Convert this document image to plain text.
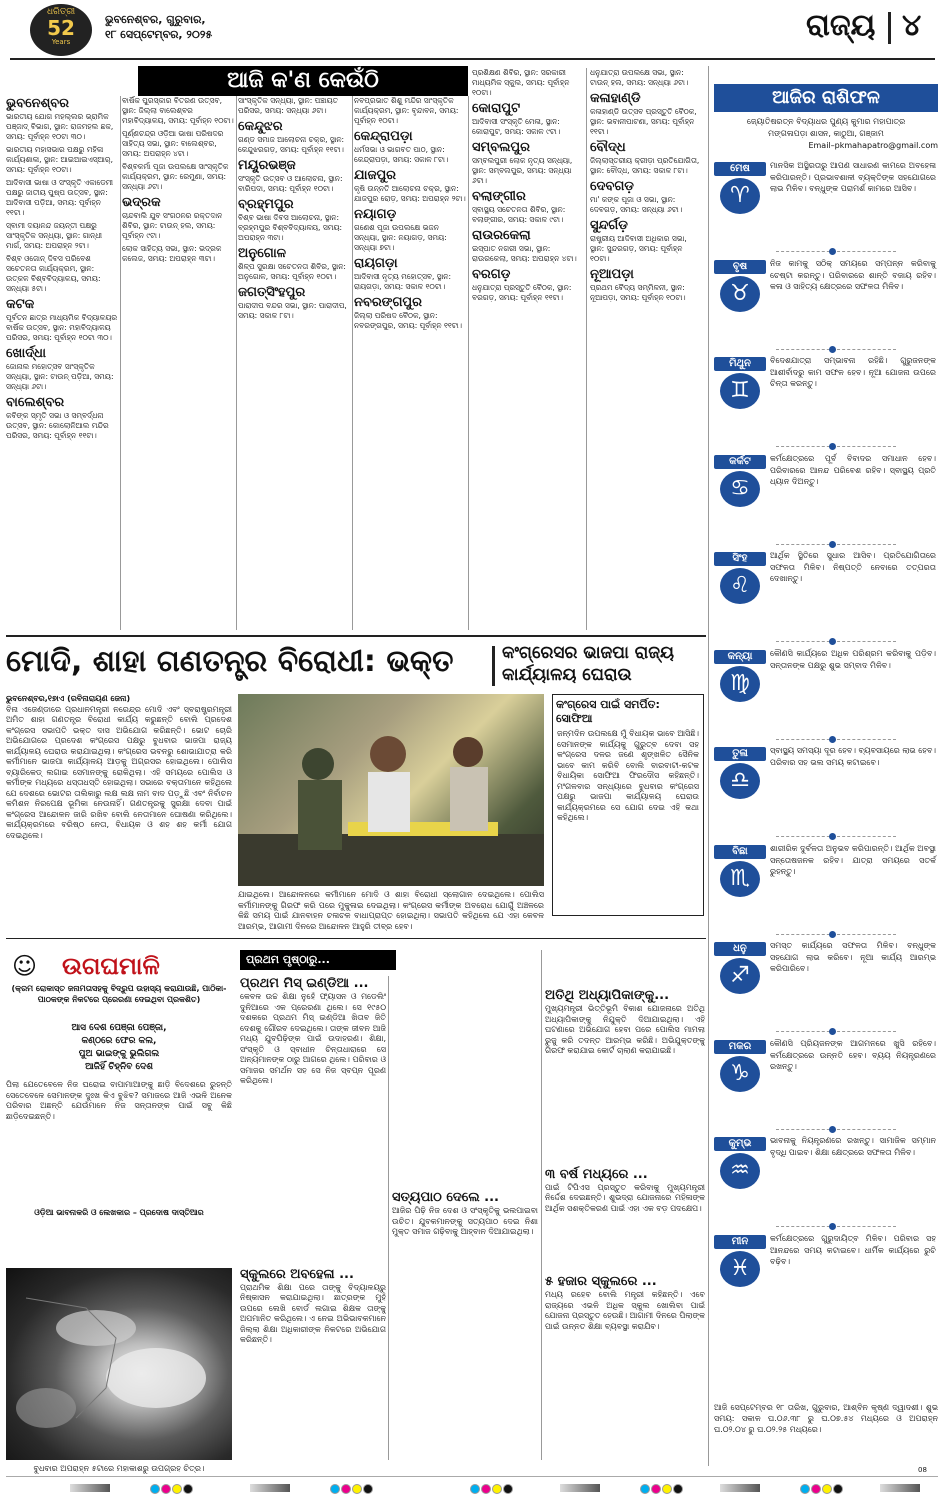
ଧରିତ୍ରୀ
52
Years
ଭୁବନେଶ୍ବର, ଗୁରୁବାର,
୧୮ ସେପ୍ଟେମ୍ବର, ୨୦୨୫	ରାଜ୍ୟ ୪
ଆଜି କ'ଣ କେଉଁଠି
ଭୁବନେଶ୍ବର
ଭାରତୀୟ ଯୋଗ ମହଲ୍ଲର ଭ୍ରାମିକ ପଞ୍ଜାଦ୍ ବିଭାଗ, ସ୍ଥାନ: ରାଜମହଲ ଛକ, ସମୟ: ପୂର୍ବାହ୍ନ ୧୦ଟା ୩୦।
ଭାରତୀୟ ମହାସଭାର ପକ୍ଷରୁ ମହିଳା କାର୍ଯ୍ୟଶାଳା, ସ୍ଥାନ: ଆଇଆଇଏସ୍ଆର୍, ସମୟ: ପୂର୍ବାହ୍ନ ୧୦ଟା।
ଆଦିବାସୀ ଭାଷା ଓ ସଂସ୍କୃତି ଏକାଡେମୀ ପକ୍ଷରୁ ଜାତୀୟ ପୁଷ୍ପ ଉତ୍ସବ, ସ୍ଥାନ: ଆଦିବାସୀ ପଡ଼ିଆ, ସମୟ: ପୂର୍ବାହ୍ନ ୧୧ଟା।
ସ୍ବାମୀ ଦୟାନନ୍ଦ ଜୟନ୍ତୀ ପକ୍ଷରୁ ସାଂସ୍କୃତିକ ସନ୍ଧ୍ୟା, ସ୍ଥାନ: ଗାନ୍ଧୀ ମାର୍ଗ, ସମୟ: ଅପରାହ୍ନ ୨ଟା।
ବିଶ୍ବ ଓଜୋନ୍ ଦିବସ ପରିବେଶ ସଚେତନତା କାର୍ଯ୍ୟକ୍ରମ, ସ୍ଥାନ: ଉତ୍କଳ ବିଶ୍ବବିଦ୍ୟାଳୟ, ସମୟ: ସନ୍ଧ୍ୟା ୫ଟା।
କଟକ
ପୂର୍ବତନ ଛାତ୍ର ମାଧ୍ୟମିକ ବିଦ୍ୟାଳୟର ବାର୍ଷିକ ଉତ୍ସବ, ସ୍ଥାନ: ମହାବିଦ୍ୟାଳୟ ପରିସର, ସମୟ: ପୂର୍ବାହ୍ନ ୧୦ଟା ୩୦।
ଖୋର୍ଦ୍ଧା
ଜୋନାଲ ମହୋତ୍ସବ ସାଂସ୍କୃତିକ ସନ୍ଧ୍ୟା, ସ୍ଥାନ: ଟାଉନ୍ ପଡ଼ିଆ, ସମୟ: ସନ୍ଧ୍ୟା ୬ଟା।
ବାଲେଶ୍ବର
କବିଙ୍କ ସ୍ମୃତି ସଭା ଓ ସମ୍ବର୍ଦ୍ଧନା ଉତ୍ସବ, ସ୍ଥାନ: କୋଲୋନିଆଲ ମନ୍ଦିର ପରିସର, ସମୟ: ପୂର୍ବାହ୍ନ ୧୧ଟା।
ବାର୍ଷିକ ପୁରସ୍କାର ବିତରଣ ଉତ୍ସବ, ସ୍ଥାନ: ଜିଲ୍ଲା ବାଲେଶ୍ବର ମହାବିଦ୍ୟାଳୟ, ସମୟ: ପୂର୍ବାହ୍ନ ୧୦ଟା।
ପୂର୍ଣ୍ଣଚନ୍ଦ୍ର ଓଡ଼ିଆ ଭାଷା ପରିଷଦର ସାହିତ୍ୟ ସଭା, ସ୍ଥାନ: ବାଲେଶ୍ବର, ସମୟ: ଅପରାହ୍ନ ୪ଟା।
ବିଶ୍ବକର୍ମା ପୂଜା ଉପଲକ୍ଷେ ସାଂସ୍କୃତିକ କାର୍ଯ୍ୟକ୍ରମ, ସ୍ଥାନ: ରେମୁଣା, ସମୟ: ସନ୍ଧ୍ୟା ୬ଟା।
ଭଦ୍ରକ
ଚାନ୍ଦବାଲି ଯୁବ ସଂଗଠନର ରକ୍ତଦାନ ଶିବିର, ସ୍ଥାନ: ଟାଉନ୍ ହଲ, ସମୟ: ପୂର୍ବାହ୍ନ ୯ଟା।
ଲୋକ ସାହିତ୍ୟ ସଭା, ସ୍ଥାନ: ଭଦ୍ରକ କଲେଜ, ସମୟ: ଅପରାହ୍ନ ୩ଟା।
ସାଂସ୍କୃତିକ ସନ୍ଧ୍ୟା, ସ୍ଥାନ: ପଞ୍ଚାୟତ ପରିସର, ସମୟ: ସନ୍ଧ୍ୟା ୬ଟା।
କେନ୍ଦୁଝର
ଗଣ୍ଡ ସମାଜ ଆଲୋଚନା ଚକ୍ର, ସ୍ଥାନ: କେନ୍ଦୁଝରଗଡ଼, ସମୟ: ପୂର୍ବାହ୍ନ ୧୧ଟା।
ମୟୂରଭଞ୍ଜ
ସଂସ୍କୃତି ଉତ୍ସବ ଓ ଆଲୋଚନା, ସ୍ଥାନ: ବାରିପଦା, ସମୟ: ପୂର୍ବାହ୍ନ ୧୦ଟା।
ବ୍ରହ୍ମପୁର
ବିଶ୍ବ ଭାଷା ଦିବସ ଆଲୋଚନା, ସ୍ଥାନ: ବ୍ରହ୍ମପୁର ବିଶ୍ବବିଦ୍ୟାଳୟ, ସମୟ: ଅପରାହ୍ନ ୩ଟା।
ଅନୁଗୋଳ
ଶିଳ୍ପ ସୁରକ୍ଷା ସଚେତନତା ଶିବିର, ସ୍ଥାନ: ଅନୁଗୋଳ, ସମୟ: ପୂର୍ବାହ୍ନ ୧୦ଟା।
ଜଗତ୍‌ସିଂହପୁର
ପାରାଦୀପ ବନ୍ଦର ସଭା, ସ୍ଥାନ: ପାରାଦୀପ, ସମୟ: ସକାଳ ୮ଟା।
ନବପ୍ରଭାତ ଶିଶୁ ମନ୍ଦିର ସାଂସ୍କୃତିକ କାର୍ଯ୍ୟକ୍ରମ, ସ୍ଥାନ: ବୃନ୍ଦାବନ, ସମୟ: ପୂର୍ବାହ୍ନ ୧୦ଟା।
କେନ୍ଦ୍ରାପଡ଼ା
ଧର୍ମସଭା ଓ ଭାଗବତ ପାଠ, ସ୍ଥାନ: କେନ୍ଦ୍ରାପଡ଼ା, ସମୟ: ସକାଳ ୮ଟା।
ଯାଜପୁର
କୃଷି ଉନ୍ନତି ଆଲୋଚନା ଚକ୍ର, ସ୍ଥାନ: ଯାଜପୁର ରୋଡ଼, ସମୟ: ଅପରାହ୍ନ ୨ଟା।
ନୟାଗଡ଼
ଗଣେଶ ପୂଜା ଉପଲକ୍ଷେ ଭଜନ ସନ୍ଧ୍ୟା, ସ୍ଥାନ: ନୟାଗଡ଼, ସମୟ: ସନ୍ଧ୍ୟା ୭ଟା।
ରାୟଗଡ଼ା
ଆଦିବାସୀ ନୃତ୍ୟ ମହୋତ୍ସବ, ସ୍ଥାନ: ରାୟଗଡ଼ା, ସମୟ: ସକାଳ ୧୦ଟା।
ନବରଙ୍ଗପୁର
ଜିଲ୍ଲା ପରିଷଦ ବୈଠକ, ସ୍ଥାନ: ନବରଙ୍ଗପୁର, ସମୟ: ପୂର୍ବାହ୍ନ ୧୧ଟା।
ପ୍ରଶିକ୍ଷଣ ଶିବିର, ସ୍ଥାନ: ସରକାରୀ ମାଧ୍ୟମିକ ସ୍କୁଲ, ସମୟ: ପୂର୍ବାହ୍ନ ୧୦ଟା।
କୋରାପୁଟ
ଆଦିବାସୀ ସଂସ୍କୃତି ମେଳା, ସ୍ଥାନ: କୋରାପୁଟ, ସମୟ: ସକାଳ ୯ଟା।
ସମ୍ବଲପୁର
ସମ୍ବଲପୁରୀ ଲୋକ ନୃତ୍ୟ ସନ୍ଧ୍ୟା, ସ୍ଥାନ: ସମ୍ବଲପୁର, ସମୟ: ସନ୍ଧ୍ୟା ୬ଟା।
ବଲାଙ୍ଗୀର
ସ୍ବାସ୍ଥ୍ୟ ସଚେତନତା ଶିବିର, ସ୍ଥାନ: ବଲାଙ୍ଗୀର, ସମୟ: ସକାଳ ୯ଟା।
ରାଉରକେଲା
ଇସ୍ପାତ ନଗରୀ ସଭା, ସ୍ଥାନ: ରାଉରକେଲା, ସମୟ: ଅପରାହ୍ନ ୪ଟା।
ବରଗଡ଼
ଧନୁଯାତ୍ରା ପ୍ରସ୍ତୁତି ବୈଠକ, ସ୍ଥାନ: ବରଗଡ଼, ସମୟ: ପୂର୍ବାହ୍ନ ୧୧ଟା।
ଧନୁଯାତ୍ରା ଉପଲକ୍ଷେ ସଭା, ସ୍ଥାନ: ଟାଉନ୍ ହଲ, ସମୟ: ସନ୍ଧ୍ୟା ୬ଟା।
କଳାହାଣ୍ଡି
କଳାହାଣ୍ଡି ଉତ୍ସବ ପ୍ରସ୍ତୁତି ବୈଠକ, ସ୍ଥାନ: ଭବାନୀପାଟଣା, ସମୟ: ପୂର୍ବାହ୍ନ ୧୧ଟା।
ବୌଦ୍ଧ
ଜିଲ୍ଲାସ୍ତରୀୟ କ୍ରୀଡ଼ା ପ୍ରତିଯୋଗିତା, ସ୍ଥାନ: ବୌଦ୍ଧ, ସମୟ: ସକାଳ ୮ଟା।
ଦେବଗଡ଼
ମା' କଙ୍କ ପୂଜା ଓ ସଭା, ସ୍ଥାନ: ଦେବଗଡ଼, ସମୟ: ସନ୍ଧ୍ୟା ୬ଟା।
ସୁନ୍ଦର୍ଗଡ଼
ରାଷ୍ଟ୍ରୀୟ ଆଦିବାସୀ ଅଧିକାର ସଭା, ସ୍ଥାନ: ସୁନ୍ଦରଗଡ଼, ସମୟ: ପୂର୍ବାହ୍ନ ୧୦ଟା।
ନୂଆପଡ଼ା
ପ୍ରଥମ ବୈଦ୍ୟ ସମ୍ମିଳନୀ, ସ୍ଥାନ: ନୂଆପଡ଼ା, ସମୟ: ପୂର୍ବାହ୍ନ ୧୦ଟା।
ମୋଦି, ଶାହା ଗଣତନ୍ତ୍ର ବିରୋଧୀ: ଭକ୍ତ	କଂଗ୍ରେସର ଭାଜପା ରାଜ୍ୟ କାର୍ଯ୍ୟାଳୟ ଘେରାଉ
ଭୁବନେଶ୍ବର,୧୭ାଏ (ରବିନାରାୟଣ ଜେନା)
ବିନା ଏଜେଣ୍ଡାରେ ପ୍ରଧାନମନ୍ତ୍ରୀ ନରେନ୍ଦ୍ର ମୋଦି ଏବଂ ସ୍ବରାଷ୍ଟ୍ରମନ୍ତ୍ରୀ ଅମିତ ଶାହା ଗଣତନ୍ତ୍ର ବିରୋଧୀ କାର୍ଯ୍ୟ କରୁଛନ୍ତି ବୋଲି ପ୍ରଦେଶ କଂଗ୍ରେସ ସଭାପତି ଭକ୍ତ ଦାସ ଅଭିଯୋଗ କରିଛନ୍ତି। ଭୋଟ ଚୋରି ଅଭିଯୋଗରେ ପ୍ରଦେଶ କଂଗ୍ରେସ ପକ୍ଷରୁ ବୁଧବାର ଭାଜପା ରାଜ୍ୟ କାର୍ଯ୍ୟାଳୟ ଘେରାଉ କରାଯାଇଥିଲା। କଂଗ୍ରେସ ଭବନରୁ ଶୋଭାଯାତ୍ରା କରି କର୍ମୀମାନେ ଭାଜପା କାର୍ଯ୍ୟାଳୟ ଆଡ଼କୁ ଅଗ୍ରସର ହୋଇଥିଲେ। ପୋଲିସ ବ୍ୟାରିକେଡ୍ ଲଗାଇ ସେମାନଙ୍କୁ ରୋକିଥିଲା। ଏହି ସମୟରେ ପୋଲିସ ଓ କର୍ମୀଙ୍କ ମଧ୍ୟରେ ଧସ୍ତାଧସ୍ତି ହୋଇଥିଲା। ସଭାରେ ବକ୍ତାମାନେ କହିଥିଲେ ଯେ ଦେଶରେ ଭୋଟର ତାଲିକାରୁ ଲକ୍ଷ ଲକ୍ଷ ନାମ ବାଦ ପଡ଼ୁଛି ଏବଂ ନିର୍ବାଚନ କମିଶନ ନିରପେକ୍ଷ ଭୂମିକା ନେଉନାହିଁ। ଗଣତନ୍ତ୍ରକୁ ସୁରକ୍ଷା ଦେବା ପାଇଁ କଂଗ୍ରେସ ଆନ୍ଦୋଳନ ଜାରି ରଖିବ ବୋଲି ନେତାମାନେ ଘୋଷଣା କରିଥିଲେ। କାର୍ଯ୍ୟକ୍ରମରେ ବରିଷ୍ଠ ନେତା, ବିଧାୟକ ଓ ଶହ ଶହ କର୍ମୀ ଯୋଗ ଦେଇଥିଲେ।
ଯାଇଥିଲେ। ଆନ୍ଦୋଳନରେ କର୍ମୀମାନେ ମୋଦି ଓ ଶାହା ବିରୋଧୀ ସ୍ଲୋଗାନ ଦେଇଥିଲେ। ପୋଲିସ କର୍ମୀମାନଙ୍କୁ ଗିରଫ କରି ପରେ ମୁକୁଳାଇ ଦେଇଥିଲା। କଂଗ୍ରେସ କର୍ମୀଙ୍କ ଅବରୋଧ ଯୋଗୁଁ ଅଞ୍ଚଳରେ କିଛି ସମୟ ପାଇଁ ଯାନବାହନ ଚଳାଚଳ ବାଧାପ୍ରାପ୍ତ ହୋଇଥିଲା। ସଭାପତି କହିଥିଲେ ଯେ ଏହା କେବଳ ଆରମ୍ଭ, ଆଗାମୀ ଦିନରେ ଆନ୍ଦୋଳନ ଆହୁରି ତୀବ୍ର ହେବ।
କଂଗ୍ରେସ ପାଇଁ ସମର୍ପିତ: ସୋଫିଆ
ଜନ୍ମଦିନ ଉପଲକ୍ଷେ ମୁଁ ବିଧାୟକ ଭାବେ ଆସିଛି। ସେମାନଙ୍କ କାର୍ଯ୍ୟକୁ ଗୁରୁତ୍ବ ଦେବା ସହ କଂଗ୍ରେସ ଦଳର ଜଣେ ଶୃଙ୍ଖଳିତ ସୈନିକ ଭାବେ କାମ କରିବି ବୋଲି ବାରବାଟୀ-କଟକ ବିଧାୟିକା ସୋଫିଆ ଫିରଦୌସ କହିଛନ୍ତି। ମଂଗଳବାର ସନ୍ଧ୍ୟାରେ ବୁଧବାର କଂଗ୍ରେସ ପକ୍ଷରୁ ଭାଜପା କାର୍ଯ୍ୟାଳୟ ଘେରାଉ କାର୍ଯ୍ୟକ୍ରମରେ ସେ ଯୋଗ ଦେଇ ଏହି କଥା କହିଥିଲେ।
☺ ଉଗଘମାଳି
(କ୍ରମ ରୋକାସ୍ତ ଜନାମତାସହକୁ ବିଦ୍ରୁପ ଉହାସ୍ୟ କରାଯାଉଛି, ପାଠିକା-ପାଠକଙ୍କ ନିକଟରେ ପ୍ରେରଣା ଦେଇଥିବା ପ୍ରକଶିତ)
ଆସ ଦେଶ ପେଞ୍ଜା ପେଞ୍ଜା,
କଣ୍ଠରେ ଫେର କଲ,
ପୁଅ ଭାଇଙ୍କୁ ଭୁଲିଗଲ
ଆଜିହିଁ ଚିହ୍ନିବ ଦେଶ
ପିଲା ଯେତେବେଳେ ନିଜ ଘରୋଇ ବାପାମାଆଙ୍କୁ ଛାଡ଼ି ବିଦେଶରେ ରୁହନ୍ତି ସେତେବେଳେ ସେମାନଙ୍କ ଦୁଃଖ କିଏ ବୁଝିବ? ସମାଜରେ ଆଜି ଏଭଳି ଅନେକ ପରିବାର ଅଛନ୍ତି ଯେଉଁମାନେ ନିଜ ସନ୍ତାନଙ୍କ ପାଇଁ ସବୁ କିଛି ଛାଡ଼ିଦେଇଛନ୍ତି।
ଓଡ଼ିଆ ଭାବନାକରି ଓ ଲେଖକାର – ପ୍ରଦୋଷ ଦାସ୍ତିଆର
ବୁଧବାର ଅପରାହ୍ନ ୫ଟାରେ ମହାକାଶରୁ ଉପଗ୍ରହ ଚିତ୍ର।
ପ୍ରଥମ ପୃଷ୍ଠାରୁ...
ପ୍ରଥମ ମିସ୍ ଇଣ୍ଡିଆ ...
କେବଳ ଉଚ୍ଚ ଶିକ୍ଷା ନୁହେଁ ଫ୍ୟାସନ ଓ ମଡେଲିଂ ଦୁନିଆରେ ଏକ ପ୍ରେରଣା ଥିଲେ। ସେ ୧୯୫୦ ଦଶକରେ ପ୍ରଥମ ମିସ୍ ଇଣ୍ଡିଆ ଖିତାବ ଜିତି ଦେଶକୁ ଗୌରବ ଦେଇଥିଲେ। ତାଙ୍କ ଜୀବନ ଆଜି ମଧ୍ୟ ଯୁବପିଢ଼ିଙ୍କ ପାଇଁ ଉଦାହରଣ। ଶିକ୍ଷା, ସଂସ୍କୃତି ଓ ସ୍ବାଧୀନ ଚିନ୍ତାଧାରାରେ ସେ ଅନ୍ୟମାନଙ୍କ ଠାରୁ ଆଗରେ ଥିଲେ। ପରିବାର ଓ ସମାଜର ସମର୍ଥନ ସହ ସେ ନିଜ ସ୍ବପ୍ନ ପୂରଣ କରିଥିଲେ।
ସ୍କୁଲରେ ଅବହେଳା ...
ପ୍ରାଥମିକ ଶିକ୍ଷା ପରେ ତାଙ୍କୁ ବିଦ୍ୟାଳୟରୁ ନିଷ୍କାସନ କରାଯାଇଥିଲା। ଛାତ୍ରଙ୍କ ମୁହଁ ଉପରେ ଲେଖି ବୋର୍ଡ ଲଗାଇ ଶିକ୍ଷକ ତାଙ୍କୁ ଅପମାନିତ କରିଥିଲେ। ଏ ନେଇ ଅଭିଭାବକମାନେ ଜିଲ୍ଲା ଶିକ୍ଷା ଅଧିକାରୀଙ୍କ ନିକଟରେ ଅଭିଯୋଗ କରିଛନ୍ତି।
ସତ୍ୟପାଠ ଦେଲେ ...
ଆଜିର ପିଢ଼ି ନିଜ ଦେଶ ଓ ସଂସ୍କୃତିକୁ ଭଲପାଇବା ଉଚିତ। ଯୁବକମାନଙ୍କୁ ସତ୍ୟପାଠ ଦେଇ ନିଶା ମୁକ୍ତ ସମାଜ ଗଢ଼ିବାକୁ ଆହ୍ବାନ ଦିଆଯାଇଥିଲା।
ଅତିଥି ଅଧ୍ୟାପିକାଙ୍କୁ...
ମୁଖ୍ୟମନ୍ତ୍ରୀ ଭିତ୍ତିଭୂମି ବିକାଶ ଯୋଜନାରେ ଅତିଥି ଅଧ୍ୟାପିକାଙ୍କୁ ନିଯୁକ୍ତି ଦିଆଯାଇଥିଲା। ଏହି ଘଟଣାରେ ଅଭିଯୋଗ ହେବା ପରେ ପୋଲିସ ମାମଲା ରୁଜୁ କରି ତଦନ୍ତ ଆରମ୍ଭ କରିଛି। ଅଭିଯୁକ୍ତଙ୍କୁ ଗିରଫ କରାଯାଇ କୋର୍ଟ ଚାଲାଣ କରାଯାଇଛି।
୩ ବର୍ଷ ମଧ୍ୟରେ ...
ପାଇଁ ଟିପିଏସ ପ୍ରସ୍ତୁତ କରିବାକୁ ମୁଖ୍ୟମନ୍ତ୍ରୀ ନିର୍ଦ୍ଦେଶ ଦେଇଛନ୍ତି। ଶୁଭଦ୍ରା ଯୋଜନାରେ ମହିଳାଙ୍କ ଆର୍ଥିକ ସଶକ୍ତିକରଣ ପାଇଁ ଏହା ଏକ ବଡ଼ ପଦକ୍ଷେପ।
୫ ହଜାର ସ୍କୁଲରେ ...
ମଧ୍ୟ ରହେବ ବୋଲି ମନ୍ତ୍ରୀ କହିଛନ୍ତି। ଏବେ ରାଜ୍ୟରେ ଏଭଳି ଅଧିକ ସ୍କୁଲ ଖୋଲିବା ପାଇଁ ଯୋଜନା ପ୍ରସ୍ତୁତ ହେଉଛି। ଆଗାମୀ ଦିନରେ ପିଲାଙ୍କ ପାଇଁ ଉନ୍ନତ ଶିକ୍ଷା ବ୍ୟବସ୍ଥା କରାଯିବ।
ଆଜିର ରାଶିଫଳ
ଜ୍ୟୋତିଷରତ୍ନ ବିଦ୍ୟାଧର ପୁଣ୍ୟ କୁମାର ମହାପାତ୍ର
ମଙ୍ଗଳାପଡ଼ା ଶାସନ, କାଠୁଆ, ଗଞ୍ଜାମ
Email–pkmahapatro@gmail.com
ମେଷ
♈
ମାନସିକ ଅସ୍ଥିରତାରୁ ଆପଣ ସାଧାରଣ କାମରେ ଅବହେଳା କରିପାରନ୍ତି। ପ୍ରଭାବଶାଳୀ ବ୍ୟକ୍ତିଙ୍କ ସହଯୋଗରେ ଲାଭ ମିଳିବ। ବନ୍ଧୁଙ୍କ ପରାମର୍ଶ କାମରେ ଆସିବ।
ବୃଷ
♉
ନିଜ କାମକୁ ସଠିକ୍ ସମୟରେ ସମ୍ପନ୍ନ କରିବାକୁ ଚେଷ୍ଟା କରନ୍ତୁ। ପରିବାରରେ ଶାନ୍ତି ବଜାୟ ରହିବ। କଳା ଓ ସାହିତ୍ୟ କ୍ଷେତ୍ରରେ ସଫଳତା ମିଳିବ।
ମିଥୁନ
♊
ବିଦେଶଯାତ୍ରା ସମ୍ଭାବନା ରହିଛି। ଗୁରୁଜନଙ୍କ ଆଶୀର୍ବାଦରୁ କାମ ସଫଳ ହେବ। ନୂଆ ଯୋଜନା ଉପରେ ଚିନ୍ତା କରନ୍ତୁ।
କର୍କଟ
♋
କର୍ମକ୍ଷେତ୍ରରେ ପୂର୍ବ ବିବାଦର ସମାଧାନ ହେବ। ପରିବାରରେ ଆନନ୍ଦ ପରିବେଶ ରହିବ। ସ୍ବାସ୍ଥ୍ୟ ପ୍ରତି ଧ୍ୟାନ ଦିଅନ୍ତୁ।
ସିଂହ
♌
ଆର୍ଥିକ ସ୍ଥିତିରେ ସୁଧାର ଆସିବ। ପ୍ରତିଯୋଗିତାରେ ସଫଳତା ମିଳିବ। ନିଷ୍ପତ୍ତି ନେବାରେ ତତ୍ପରତା ଦେଖାନ୍ତୁ।
କନ୍ୟା
♍
କୌଣସି କାର୍ଯ୍ୟରେ ଅଧିକ ପରିଶ୍ରମ କରିବାକୁ ପଡ଼ିବ। ସନ୍ତାନଙ୍କ ପକ୍ଷରୁ ଶୁଭ ସମ୍ବାଦ ମିଳିବ।
ତୁଳା
♎
ସ୍ବାସ୍ଥ୍ୟ ସମସ୍ୟା ଦୂର ହେବ। ବ୍ୟବସାୟରେ ଲାଭ ହେବ। ପରିବାର ସହ ଭଲ ସମୟ କଟାଇବେ।
ବିଛା
♏
ଶାରୀରିକ ଦୁର୍ବଳତା ଅନୁଭବ କରିପାରନ୍ତି। ଆର୍ଥିକ ଅବସ୍ଥା ସନ୍ତୋଷଜନକ ରହିବ। ଯାତ୍ରା ସମୟରେ ସତର୍କ ରୁହନ୍ତୁ।
ଧନୁ
♐
ସମସ୍ତ କାର୍ଯ୍ୟରେ ସଫଳତା ମିଳିବ। ବନ୍ଧୁଙ୍କ ସହଯୋଗ ଲାଭ କରିବେ। ନୂଆ କାର୍ଯ୍ୟ ଆରମ୍ଭ କରିପାରିବେ।
ମକର
♑
କୌଣସି ପ୍ରିୟଜନଙ୍କ ଆଗମନରେ ଖୁସି ରହିବେ। କର୍ମକ୍ଷେତ୍ରରେ ଉନ୍ନତି ହେବ। ବ୍ୟୟ ନିୟନ୍ତ୍ରଣରେ ରଖନ୍ତୁ।
କୁମ୍ଭ
♒
ଭାବନାକୁ ନିୟନ୍ତ୍ରଣରେ ରଖନ୍ତୁ। ସାମାଜିକ ସମ୍ମାନ ବୃଦ୍ଧି ପାଇବ। ଶିକ୍ଷା କ୍ଷେତ୍ରରେ ସଫଳତା ମିଳିବ।
ମୀନ
♓
କର୍ମକ୍ଷେତ୍ରରେ ଗୁରୁଦାୟିତ୍ବ ମିଳିବ। ପରିବାର ସହ ଆନନ୍ଦରେ ସମୟ କଟାଇବେ। ଧାର୍ମିକ କାର୍ଯ୍ୟରେ ରୁଚି ବଢ଼ିବ।
ଆଜି ସେପ୍ଟେମ୍ବର ୧୮ ତାରିଖ, ଗୁରୁବାର, ଆଶ୍ବିନ କୃଷ୍ଣ ଦ୍ୱାଦଶୀ। ଶୁଭ ସମୟ: ସକାଳ ଘ.୦୬.୩୮ ରୁ ଘ.୦୭.୫୪ ମଧ୍ୟରେ ଓ ଅପରାହ୍ନ ଘ.୦୨.୦୪ ରୁ ଘ.୦୨.୨୫ ମଧ୍ୟରେ।
08
